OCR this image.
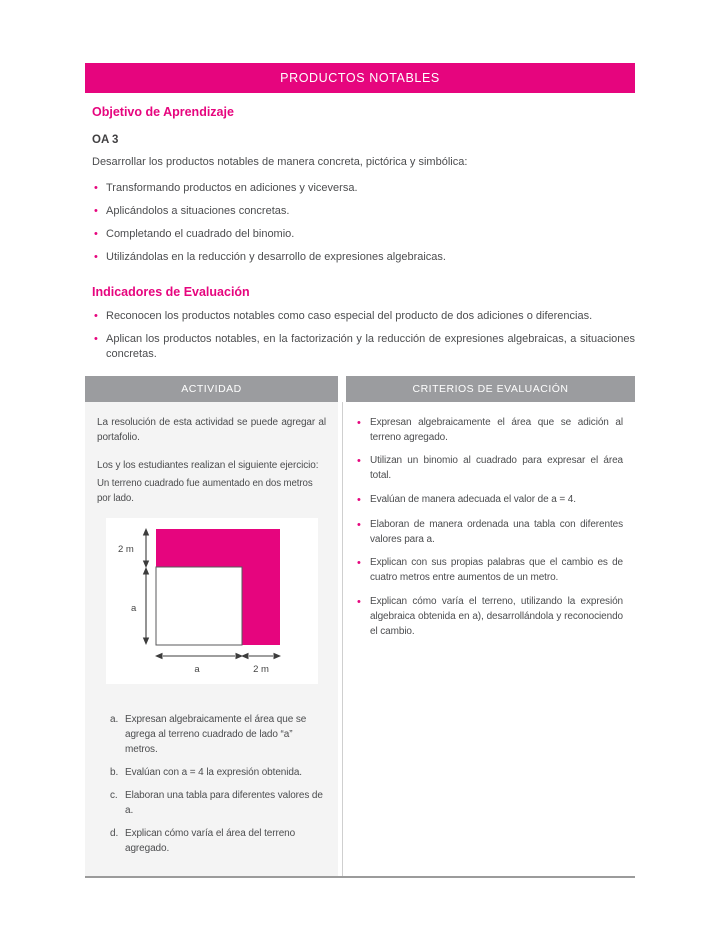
PRODUCTOS NOTABLES
Objetivo de Aprendizaje
OA 3
Desarrollar los productos notables de manera concreta, pictórica y simbólica:
• Transformando productos en adiciones y viceversa.
• Aplicándolos a situaciones concretas.
• Completando el cuadrado del binomio.
• Utilizándolas en la reducción y desarrollo de expresiones algebraicas.
Indicadores de Evaluación
• Reconocen los productos notables como caso especial del producto de dos adiciones o diferencias.
• Aplican los productos notables, en la factorización y la reducción de expresiones algebraicas, a situaciones concretas.
ACTIVIDAD	CRITERIOS DE EVALUACIÓN

La resolución de esta actividad se puede agregar al portafolio.

Los y los estudiantes realizan el siguiente ejercicio:

Un terreno cuadrado fue aumentado en dos metros por lado.

2 m
a
a	2 m
a. Expresan algebraicamente el área que se agrega al terreno cuadrado de lado “a” metros.
b. Evalúan con a = 4 la expresión obtenida.
c. Elaboran una tabla para diferentes valores de a.
d. Explican cómo varía el área del terreno agregado.
• Expresan algebraicamente el área que se adición al terreno agregado.
• Utilizan un binomio al cuadrado para expresar el área total.
• Evalúan de manera adecuada el valor de a = 4.
• Elaboran de manera ordenada una tabla con diferentes valores para a.
• Explican con sus propias palabras que el cambio es de cuatro metros entre aumentos de un metro.
• Explican cómo varía el terreno, utilizando la expresión algebraica obtenida en a), desarrollándola y reconociendo el cambio.
